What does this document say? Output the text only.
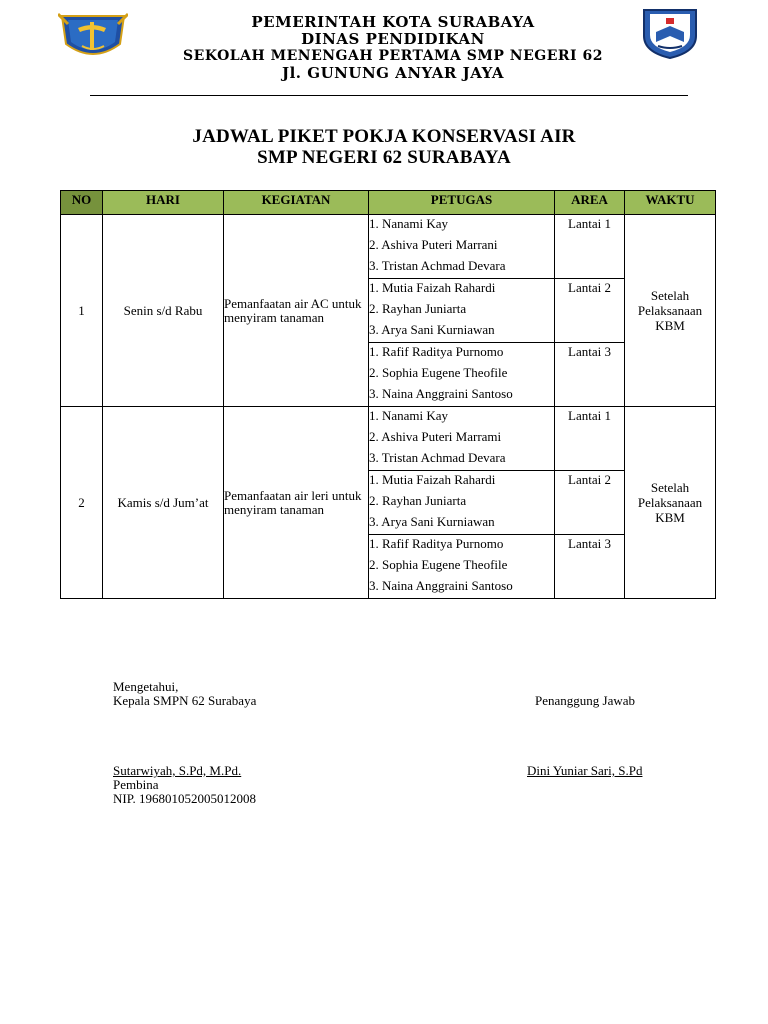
PEMERINTAH KOTA SURABAYA
DINAS PENDIDIKAN
SEKOLAH MENENGAH PERTAMA SMP NEGERI 62
Jl. GUNUNG ANYAR JAYA
JADWAL PIKET POKJA KONSERVASI AIR
SMP NEGERI 62 SURABAYA
NO	HARI	KEGIATAN	PETUGAS	AREA	WAKTU
1	Senin s/d Rabu	Pemanfaatan air AC untuk menyiram tanaman	1. Nanami Kay
2. Ashiva Puteri Marrani
3. Tristan Achmad Devara	Lantai 1	Setelah Pelaksanaan KBM

			1. Mutia Faizah Rahardi
2. Rayhan Juniarta
3. Arya Sani Kurniawan	Lantai 2	

			1. Rafif Raditya Purnomo
2. Sophia Eugene Theofile
3. Naina Anggraini Santoso	Lantai 3	
2	Kamis s/d Jum’at	Pemanfaatan air leri untuk menyiram tanaman	1. Nanami Kay
2. Ashiva Puteri Marrami
3. Tristan Achmad Devara	Lantai 1	Setelah Pelaksanaan KBM

			1. Mutia Faizah Rahardi
2. Rayhan Juniarta
3. Arya Sani Kurniawan	Lantai 2	

			1. Rafif Raditya Purnomo
2. Sophia Eugene Theofile
3. Naina Anggraini Santoso	Lantai 3	
Mengetahui,
Kepala SMPN 62 Surabaya	Penanggung Jawab
Sutarwiyah, S.Pd, M.Pd.
Pembina
NIP. 196801052005012008
Dini Yuniar Sari, S.Pd
